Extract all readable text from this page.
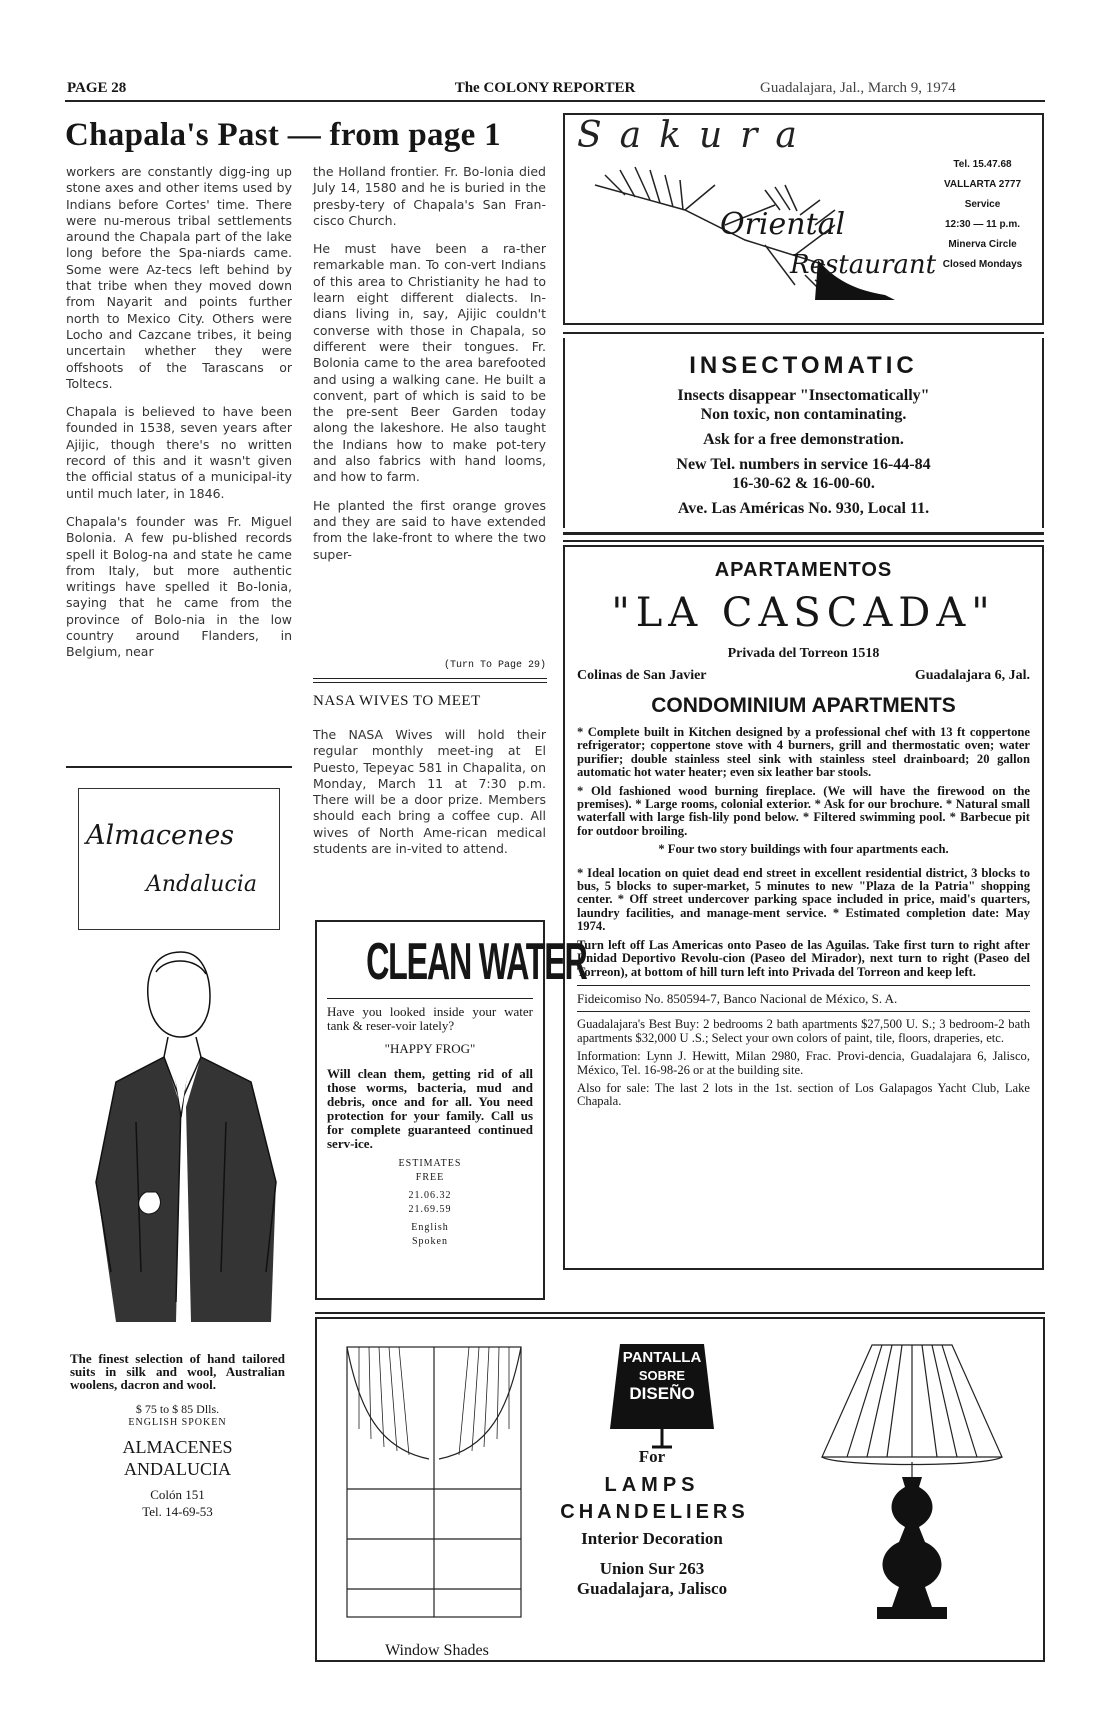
PAGE 28	The COLONY REPORTER	Guadalajara, Jal., March 9, 1974
Chapala's Past — from page 1

workers are constantly digg-ing up stone axes and other items used by Indians before Cortes' time. There were nu-merous tribal settlements around the Chapala part of the lake long before the Spa-niards came. Some were Az-tecs left behind by that tribe when they moved down from Nayarit and points further north to Mexico City. Others were Locho and Cazcane tribes, it being uncertain whether they were offshoots of the Tarascans or Toltecs.

Chapala is believed to have been founded in 1538, seven years after Ajijic, though there's no written record of this and it wasn't given the official status of a municipal-ity until much later, in 1846.

Chapala's founder was Fr. Miguel Bolonia. A few pu-blished records spell it Bolog-na and state he came from Italy, but more authentic writings have spelled it Bo-lonia, saying that he came from the province of Bolo-nia in the low country around Flanders, in Belgium, near

the Holland frontier. Fr. Bo-lonia died July 14, 1580 and he is buried in the presby-tery of Chapala's San Fran-cisco Church.

He must have been a ra-ther remarkable man. To con-vert Indians of this area to Christianity he had to learn eight different dialects. In-dians living in, say, Ajijic couldn't converse with those in Chapala, so different were their tongues. Fr. Bolonia came to the area barefooted and using a walking cane. He built a convent, part of which is said to be the pre-sent Beer Garden today along the lakeshore. He also taught the Indians how to make pot-tery and also fabrics with hand looms, and how to farm.

He planted the first orange groves and they are said to have extended from the lake-front to where the two super-

(Turn To Page 29)
NASA WIVES TO MEET
The NASA Wives will hold their regular monthly meet-ing at El Puesto, Tepeyac 581 in Chapalita, on Monday, March 11 at 7:30 p.m. There will be a door prize. Members should each bring a coffee cup. All wives of North Ame-rican medical students are in-vited to attend.
Sakura
Oriental
Restaurant
Tel. 15.47.68
VALLARTA 2777
Service
12:30 — 11 p.m.
Minerva Circle
Closed Mondays
INSECTOMATIC
Insects disappear "Insectomatically"
Non toxic, non contaminating.
Ask for a free demonstration.
New Tel. numbers in service 16-44-84
16-30-62 & 16-00-60.
Ave. Las Américas No. 930, Local 11.
APARTAMENTOS
"LA CASCADA"
Privada del Torreon 1518
Colinas de San Javier	Guadalajara 6, Jal.
CONDOMINIUM APARTMENTS

* Complete built in Kitchen designed by a professional chef with 13 ft coppertone refrigerator; coppertone stove with 4 burners, grill and thermostatic oven; water purifier; double stainless steel sink with stainless steel drainboard; 20 gallon automatic hot water heater; even six leather bar stools.

* Old fashioned wood burning fireplace. (We will have the firewood on the premises). * Large rooms, colonial exterior. * Ask for our brochure. * Natural small waterfall with large fish-lily pond below. * Filtered swimming pool. * Barbecue pit for outdoor broiling.

* Four two story buildings with four apartments each.

* Ideal location on quiet dead end street in excellent residential district, 3 blocks to bus, 5 blocks to super-market, 5 minutes to new "Plaza de la Patria" shopping center. * Off street undercover parking space included in price, maid's quarters, laundry facilities, and manage-ment service. * Estimated completion date: May 1974.

Turn left off Las Americas onto Paseo de las Aguilas. Take first turn to right after Unidad Deportivo Revolu-cion (Paseo del Mirador), next turn to right (Paseo del Torreon), at bottom of hill turn left into Privada del Torreon and keep left.

Fideicomiso No. 850594-7, Banco Nacional de México, S. A.

Guadalajara's Best Buy: 2 bedrooms 2 bath apartments $27,500 U. S.; 3 bedroom-2 bath apartments $32,000 U .S.; Select your own colors of paint, tile, floors, draperies, etc.

Information: Lynn J. Hewitt, Milan 2980, Frac. Provi-dencia, Guadalajara 6, Jalisco, México, Tel. 16-98-26 or at the building site.

Also for sale: The last 2 lots in the 1st. section of Los Galapagos Yacht Club, Lake Chapala.

Almacenes
Andalucia
The finest selection of hand tailored suits in silk and wool, Australian woolens, dacron and wool.
$ 75 to $ 85 Dlls.
ENGLISH SPOKEN
ALMACENES
ANDALUCIA
Colón 151
Tel. 14-69-53
CLEAN WATER
Have you looked inside your water tank & reser-voir lately?
"HAPPY FROG"
Will clean them, getting rid of all those worms, bacteria, mud and debris, once and for all. You need protection for your family. Call us for complete guaranteed continued serv-ice.
ESTIMATES
FREE
21.06.32
21.69.59
English
Spoken
Window Shades
PANTALLA
SOBRE
DISEÑO
For
LAMPS
CHANDELIERS
Interior Decoration
Union Sur 263
Guadalajara, Jalisco
